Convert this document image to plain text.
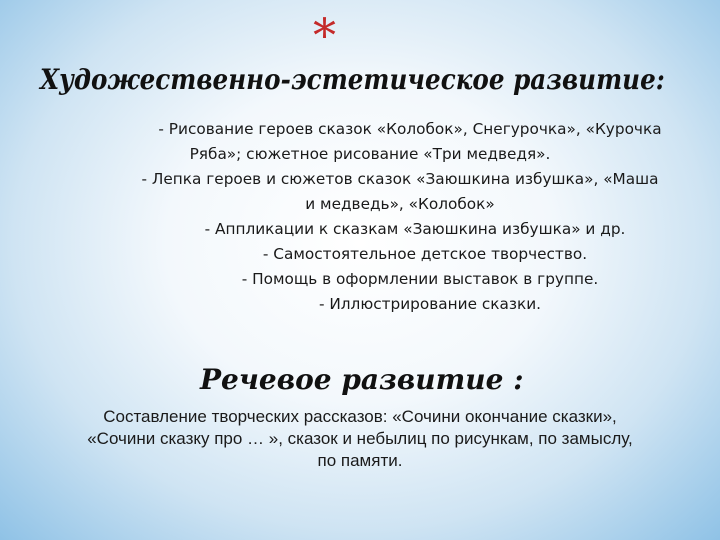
*
Художественно-эстетическое развитие:
- Рисование героев сказок «Колобок», Снегурочка», «Курочка
Ряба»; сюжетное рисование «Три медведя».
- Лепка героев и сюжетов сказок «Заюшкина избушка», «Маша
и медведь», «Колобок»
- Аппликации к сказкам «Заюшкина избушка» и др.
- Самостоятельное детское творчество.
- Помощь в оформлении выставок в группе.
- Иллюстрирование сказки.
Речевое развитие :
Составление творческих рассказов: «Сочини окончание сказки»,
«Сочини сказку про … », сказок и небылиц по рисункам, по замыслу,
по памяти.
